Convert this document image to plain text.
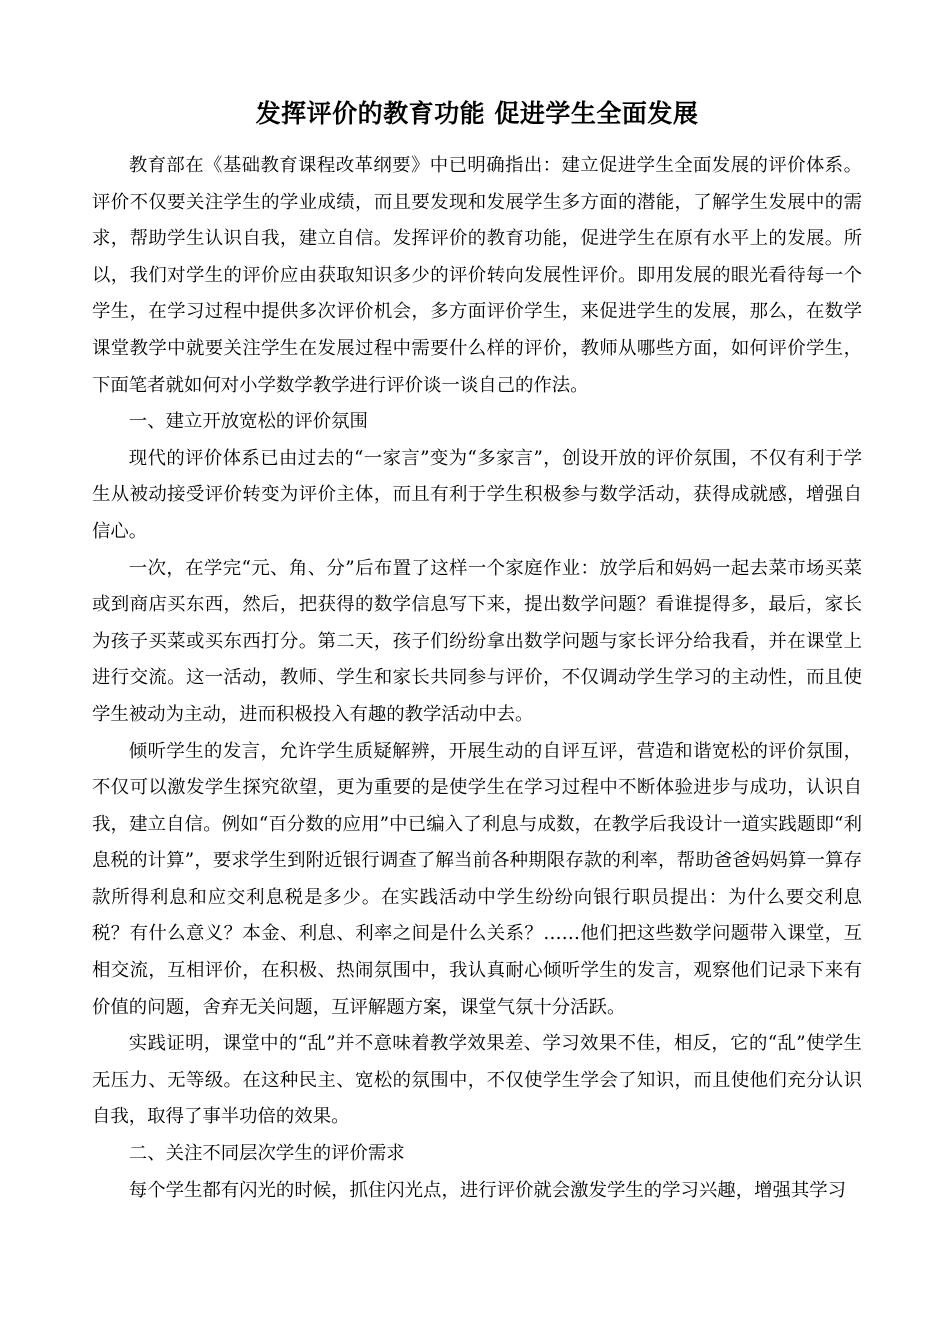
发挥评价的教育功能 促进学生全面发展

教育部在《基础教育课程改革纲要》中已明确指出：建立促进学生全面发展的评价体系。评价不仅要关注学生的学业成绩，而且要发现和发展学生多方面的潜能，了解学生发展中的需求，帮助学生认识自我，建立自信。发挥评价的教育功能，促进学生在原有水平上的发展。所以，我们对学生的评价应由获取知识多少的评价转向发展性评价。即用发展的眼光看待每一个学生，在学习过程中提供多次评价机会，多方面评价学生，来促进学生的发展，那么，在数学课堂教学中就要关注学生在发展过程中需要什么样的评价，教师从哪些方面，如何评价学生，下面笔者就如何对小学数学教学进行评价谈一谈自己的作法。

一、建立开放宽松的评价氛围

现代的评价体系已由过去的“一家言”变为“多家言”，创设开放的评价氛围，不仅有利于学生从被动接受评价转变为评价主体，而且有利于学生积极参与数学活动，获得成就感，增强自信心。

一次，在学完“元、角、分”后布置了这样一个家庭作业：放学后和妈妈一起去菜市场买菜或到商店买东西，然后，把获得的数学信息写下来，提出数学问题？看谁提得多，最后，家长为孩子买菜或买东西打分。第二天，孩子们纷纷拿出数学问题与家长评分给我看，并在课堂上进行交流。这一活动，教师、学生和家长共同参与评价，不仅调动学生学习的主动性，而且使学生被动为主动，进而积极投入有趣的教学活动中去。

倾听学生的发言，允许学生质疑解辨，开展生动的自评互评，营造和谐宽松的评价氛围，不仅可以激发学生探究欲望，更为重要的是使学生在学习过程中不断体验进步与成功，认识自我，建立自信。例如“百分数的应用”中已编入了利息与成数，在教学后我设计一道实践题即“利息税的计算”，要求学生到附近银行调查了解当前各种期限存款的利率，帮助爸爸妈妈算一算存款所得利息和应交利息税是多少。在实践活动中学生纷纷向银行职员提出：为什么要交利息税？有什么意义？本金、利息、利率之间是什么关系？……他们把这些数学问题带入课堂，互相交流，互相评价，在积极、热闹氛围中，我认真耐心倾听学生的发言，观察他们记录下来有价值的问题，舍弃无关问题，互评解题方案，课堂气氛十分活跃。

实践证明，课堂中的“乱”并不意味着教学效果差、学习效果不佳，相反，它的“乱”使学生无压力、无等级。在这种民主、宽松的氛围中，不仅使学生学会了知识，而且使他们充分认识自我，取得了事半功倍的效果。

二、关注不同层次学生的评价需求

每个学生都有闪光的时候，抓住闪光点，进行评价就会激发学生的学习兴趣，增强其学习
